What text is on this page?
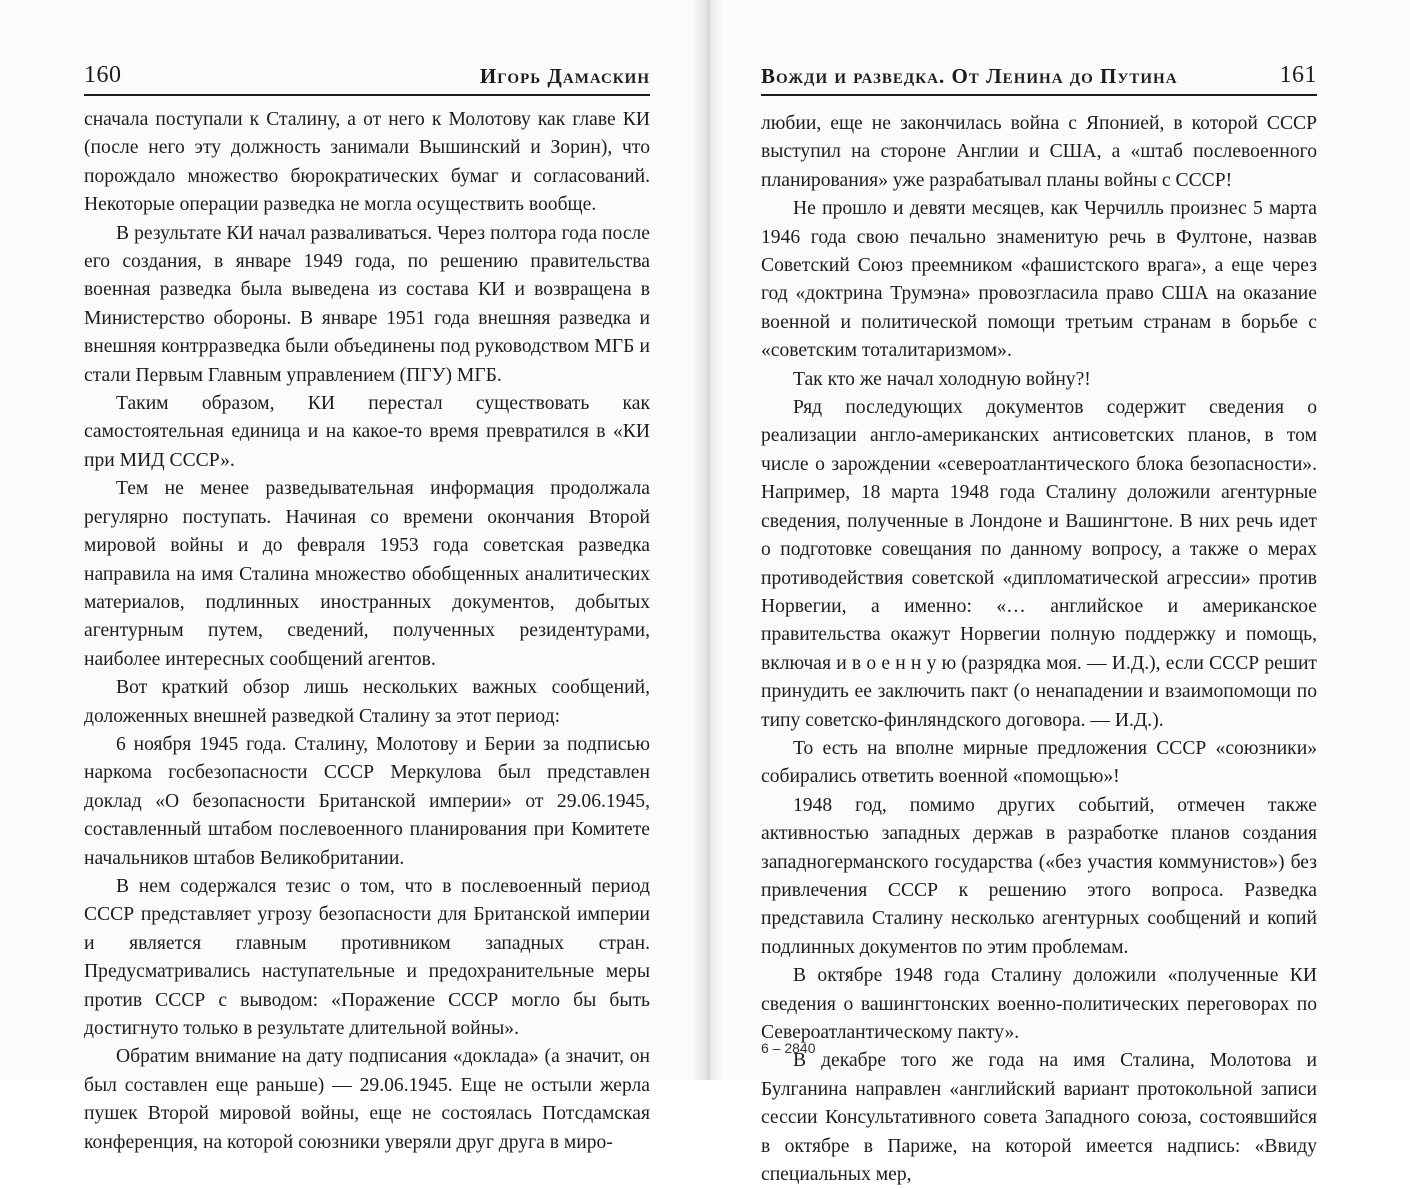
160	Игорь Дамаскин

сначала поступали к Сталину, а от него к Молотову как главе КИ (после него эту должность занимали Вышинский и Зорин), что порождало множество бюрократических бумаг и согласований. Некоторые операции разведка не могла осуществить вообще.

В результате КИ начал разваливаться. Через полтора года после его создания, в январе 1949 года, по решению правительства военная разведка была выведена из состава КИ и возвращена в Министерство обороны. В январе 1951 года внешняя разведка и внешняя контрразведка были объединены под руководством МГБ и стали Первым Главным управлением (ПГУ) МГБ.

Таким образом, КИ перестал существовать как самостоятельная единица и на какое-то время превратился в «КИ при МИД СССР».

Тем не менее разведывательная информация продолжала регулярно поступать. Начиная со времени окончания Второй мировой войны и до февраля 1953 года советская разведка направила на имя Сталина множество обобщенных аналитических материалов, подлинных иностранных документов, добытых агентурным путем, сведений, полученных резидентурами, наиболее интересных сообщений агентов.

Вот краткий обзор лишь нескольких важных сообщений, доложенных внешней разведкой Сталину за этот период:

6 ноября 1945 года. Сталину, Молотову и Берии за подписью наркома госбезопасности СССР Меркулова был представлен доклад «О безопасности Британской империи» от 29.06.1945, составленный штабом послевоенного планирования при Комитете начальников штабов Великобритании.

В нем содержался тезис о том, что в послевоенный период СССР представляет угрозу безопасности для Британской империи и является главным противником западных стран. Предусматривались наступательные и предохранительные меры против СССР с выводом: «Поражение СССР могло бы быть достигнуто только в результате длительной войны».

Обратим внимание на дату подписания «доклада» (а значит, он был составлен еще раньше) — 29.06.1945. Еще не остыли жерла пушек Второй мировой войны, еще не состоялась Потсдамская конференция, на которой союзники уверяли друг друга в миро-

Вожди и разведка. От Ленина до Путина	161

любии, еще не закончилась война с Японией, в которой СССР выступил на стороне Англии и США, а «штаб послевоенного планирования» уже разрабатывал планы войны с СССР!

Не прошло и девяти месяцев, как Черчилль произнес 5 марта 1946 года свою печально знаменитую речь в Фултоне, назвав Советский Союз преемником «фашистского врага», а еще через год «доктрина Трумэна» провозгласила право США на оказание военной и политической помощи третьим странам в борьбе с «советским тоталитаризмом».

Так кто же начал холодную войну?!

Ряд последующих документов содержит сведения о реализации англо-американских антисоветских планов, в том числе о зарождении «североатлантического блока безопасности». Например, 18 марта 1948 года Сталину доложили агентурные сведения, полученные в Лондоне и Вашингтоне. В них речь идет о подготовке совещания по данному вопросу, а также о мерах противодействия советской «дипломатической агрессии» против Норвегии, а именно: «… английское и американское правительства окажут Норвегии полную поддержку и помощь, включая и в о е н н у ю (разрядка моя. — И.Д.), если СССР решит принудить ее заключить пакт (о ненападении и взаимопомощи по типу советско-финляндского договора. — И.Д.).

То есть на вполне мирные предложения СССР «союзники» собирались ответить военной «помощью»!

1948 год, помимо других событий, отмечен также активностью западных держав в разработке планов создания западногерманского государства («без участия коммунистов») без привлечения СССР к решению этого вопроса. Разведка представила Сталину несколько агентурных сообщений и копий подлинных документов по этим проблемам.

В октябре 1948 года Сталину доложили «полученные КИ сведения о вашингтонских военно-политических переговорах по Североатлантическому пакту».

В декабре того же года на имя Сталина, Молотова и Булганина направлен «английский вариант протокольной записи сессии Консультативного совета Западного союза, состоявшийся в октябре в Париже, на которой имеется надпись: «Ввиду специальных мер,

6 – 2840
